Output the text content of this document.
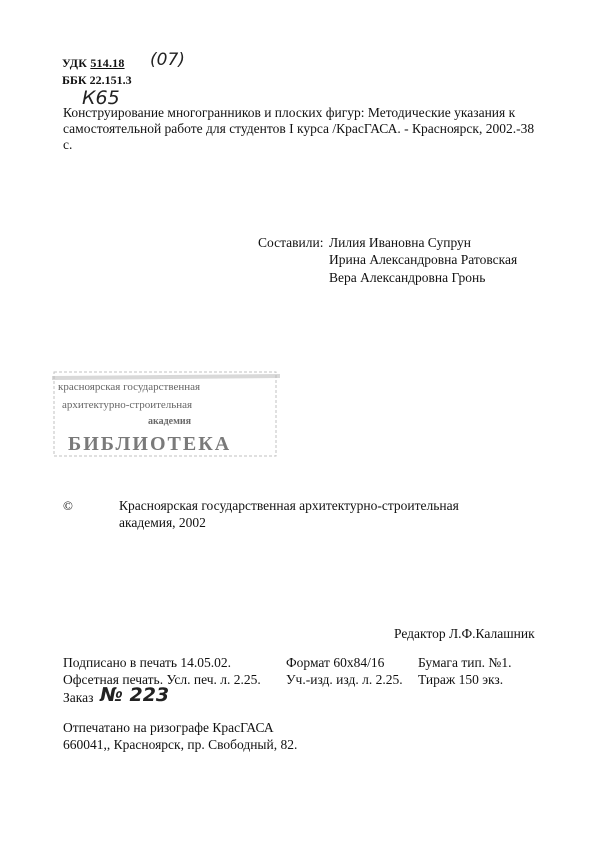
УДК 514.18 (07)
ББК 22.151.3
К65

Конструирование многогранников и плоских фигур: Методические указания к самостоятельной работе для студентов I курса /КрасГАСА. - Красноярск, 2002.-38 с.

Составили: Лилия Ивановна Супрун
Ирина Александровна Ратовская
Вера Александровна Гронь
красноярская государственная
архитектурно-строительная
академия
БИБЛИОТЕКА
©	Красноярская государственная архитектурно-строительная
академия, 2002
Редактор Л.Ф.Калашник
Подписано в печать 14.05.02.	Формат 60x84/16 Бумага тип. №1.
Офсетная печать. Усл. печ. л. 2.25. Уч.-изд. изд. л. 2.25. Тираж 150 экз.
Заказ № 223
Отпечатано на ризографе КрасГАСА
660041,, Красноярск, пр. Свободный, 82.
